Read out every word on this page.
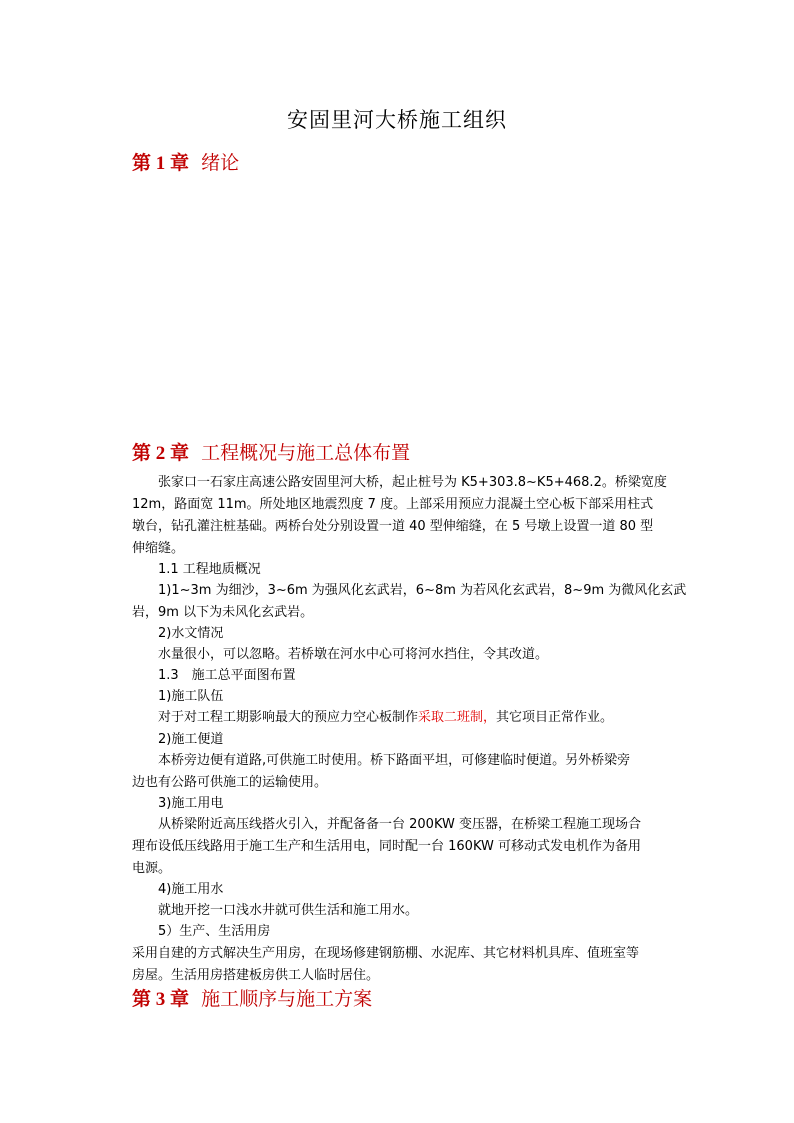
安固里河大桥施工组织
第 1 章 绪论
第 2 章 工程概况与施工总体布置
张家口一石家庄高速公路安固里河大桥，起止桩号为 K5+303.8~K5+468.2。桥梁宽度
12m，路面宽 11m。所处地区地震烈度 7 度。上部采用预应力混凝土空心板下部采用柱式
墩台，钻孔灌注桩基础。两桥台处分别设置一道 40 型伸缩缝，在 5 号墩上设置一道 80 型
伸缩缝。
1.1 工程地质概况
1)1~3m 为细沙，3~6m 为强风化玄武岩，6~8m 为若风化玄武岩，8~9m 为微风化玄武
岩，9m 以下为未风化玄武岩。
2)水文情况
水量很小，可以忽略。若桥墩在河水中心可将河水挡住，令其改道。
1.3　施工总平面图布置
1)施工队伍
对于对工程工期影响最大的预应力空心板制作采取二班制，其它项目正常作业。
2)施工便道
本桥旁边便有道路,可供施工时使用。桥下路面平坦，可修建临时便道。另外桥梁旁
边也有公路可供施工的运输使用。
3)施工用电
从桥梁附近高压线搭火引入，并配备备一台 200KW 变压器，在桥梁工程施工现场合
理布设低压线路用于施工生产和生活用电，同时配一台 160KW 可移动式发电机作为备用
电源。
4)施工用水
就地开挖一口浅水井就可供生活和施工用水。
5）生产、生活用房
采用自建的方式解决生产用房，在现场修建钢筋棚、水泥库、其它材料机具库、值班室等
房屋。生活用房搭建板房供工人临时居住。
第 3 章 施工顺序与施工方案
